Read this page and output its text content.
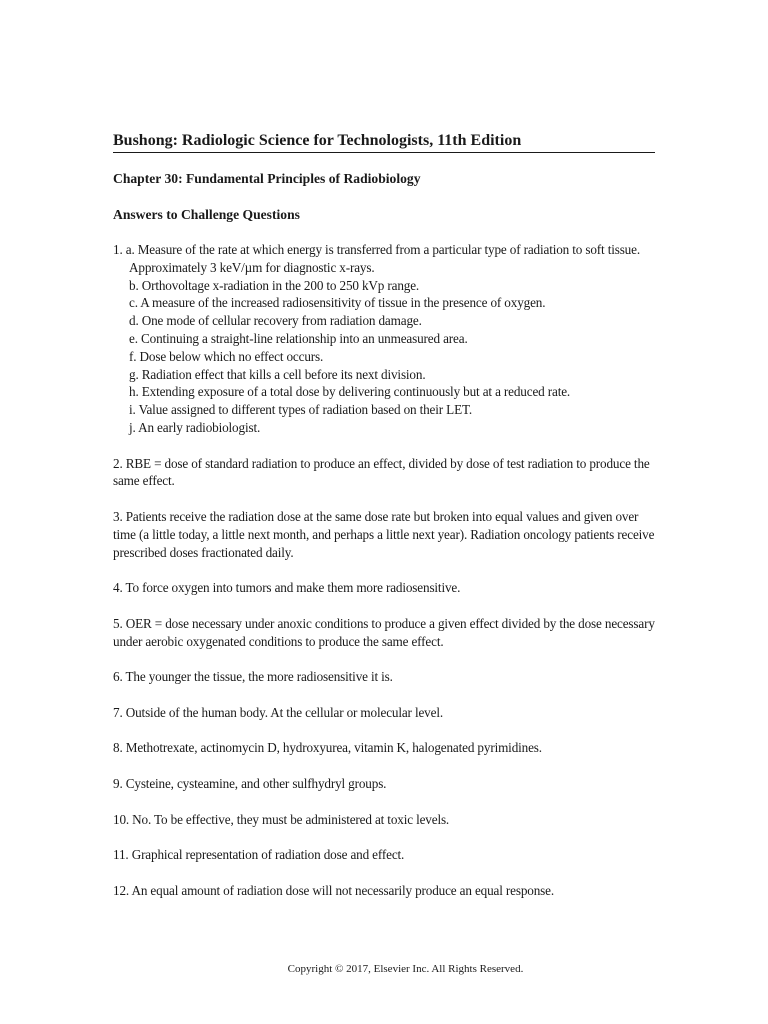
Bushong: Radiologic Science for Technologists, 11th Edition
Chapter 30: Fundamental Principles of Radiobiology
Answers to Challenge Questions
1. a. Measure of the rate at which energy is transferred from a particular type of radiation to soft tissue. Approximately 3 keV/µm for diagnostic x-rays.
b. Orthovoltage x-radiation in the 200 to 250 kVp range.
c. A measure of the increased radiosensitivity of tissue in the presence of oxygen.
d. One mode of cellular recovery from radiation damage.
e. Continuing a straight-line relationship into an unmeasured area.
f. Dose below which no effect occurs.
g. Radiation effect that kills a cell before its next division.
h. Extending exposure of a total dose by delivering continuously but at a reduced rate.
i. Value assigned to different types of radiation based on their LET.
j. An early radiobiologist.

2. RBE = dose of standard radiation to produce an effect, divided by dose of test radiation to produce the same effect.

3. Patients receive the radiation dose at the same dose rate but broken into equal values and given over time (a little today, a little next month, and perhaps a little next year). Radiation oncology patients receive prescribed doses fractionated daily.

4. To force oxygen into tumors and make them more radiosensitive.

5. OER = dose necessary under anoxic conditions to produce a given effect divided by the dose necessary under aerobic oxygenated conditions to produce the same effect.

6. The younger the tissue, the more radiosensitive it is.

7. Outside of the human body. At the cellular or molecular level.

8. Methotrexate, actinomycin D, hydroxyurea, vitamin K, halogenated pyrimidines.

9. Cysteine, cysteamine, and other sulfhydryl groups.

10. No. To be effective, they must be administered at toxic levels.

11. Graphical representation of radiation dose and effect.

12. An equal amount of radiation dose will not necessarily produce an equal response.

Copyright © 2017, Elsevier Inc. All Rights Reserved.
